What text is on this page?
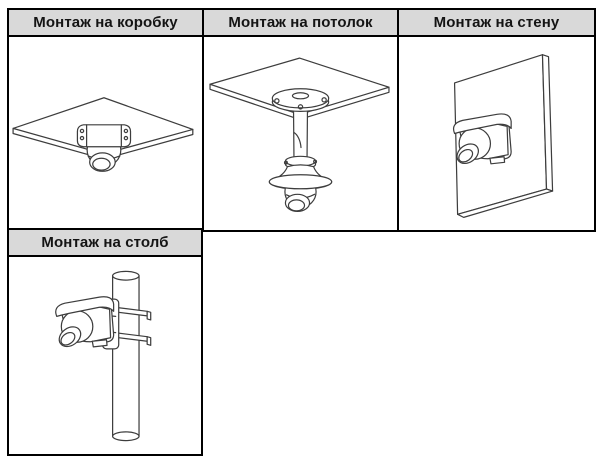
Монтаж на коробку	Монтаж на потолок	Монтаж на стену
Монтаж на столб
